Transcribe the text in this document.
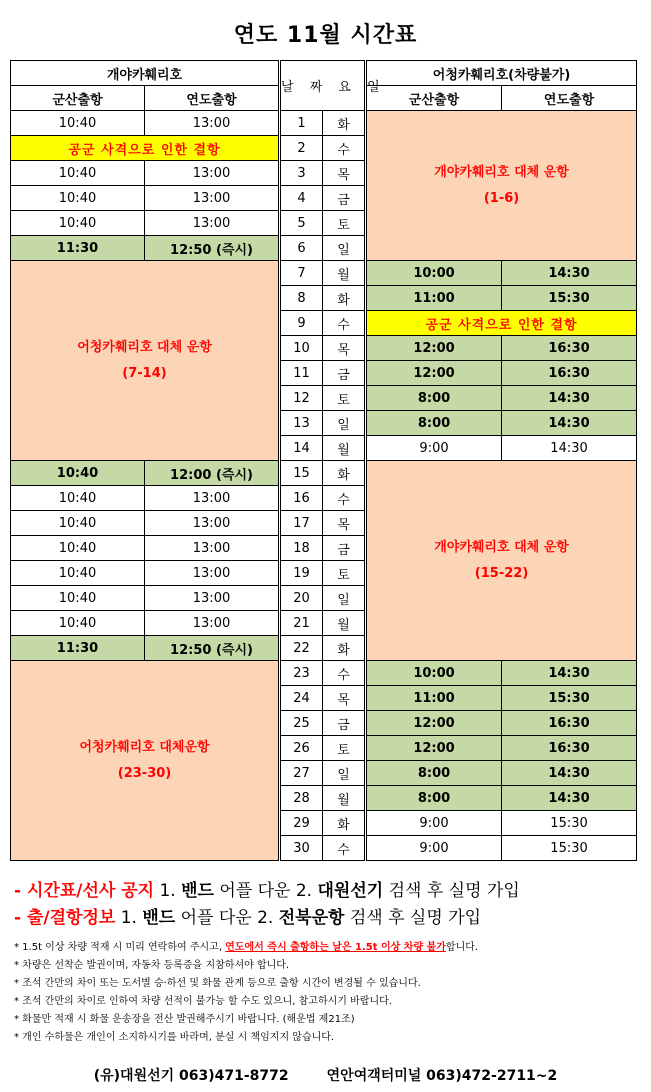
연도 11월 시간표
개야카훼리호			날 짜 요 일			어청카훼리호(차량불가)	
군산출항	연도출항					군산출항	연도출항
10:40	13:00		1	화		개야카훼리호 대체 운항
(1-6)	

공군 사격으로 인한 결항			2	수			
10:40	13:00		3	목			
10:40	13:00		4	금			
10:40	13:00		5	토			
11:30	12:50 (즉시)		6	일			

어청카훼리호 대체 운항
(7-14)			7	월		10:00	14:30
			8	화		11:00	15:30
			9	수		공군 사격으로 인한 결항	
			10	목		12:00	16:30
			11	금		12:00	16:30
			12	토		8:00	14:30
			13	일		8:00	14:30
			14	월		9:00	14:30
10:40	12:00 (즉시)		15	화		개야카훼리호 대체 운항
(15-22)	

10:40	13:00		16	수			
10:40	13:00		17	목			
10:40	13:00		18	금			
10:40	13:00		19	토			
10:40	13:00		20	일			
10:40	13:00		21	월			
11:30	12:50 (즉시)		22	화			

어청카훼리호 대체운항
(23-30)			23	수		10:00	14:30
			24	목		11:00	15:30
			25	금		12:00	16:30
			26	토		12:00	16:30
			27	일		8:00	14:30
			28	월		8:00	14:30
			29	화		9:00	15:30
			30	수		9:00	15:30
- 시간표/선사 공지 1. 밴드 어플 다운 2. 대원선기 검색 후 실명 가입
- 출/결항정보 1. 밴드 어플 다운 2. 전북운항 검색 후 실명 가입
* 1.5t 이상 차량 적재 시 미리 연락하여 주시고, 연도에서 즉시 출항하는 날은 1.5t 이상 차량 불가합니다.
* 차량은 선착순 발권이며, 자동차 등록증을 지참하셔야 합니다.
* 조석 간만의 차이 또는 도서별 승·하선 및 화물 관계 등으로 출항 시간이 변경될 수 있습니다.
* 조석 간만의 차이로 인하여 차량 선적이 불가능 할 수도 있으니, 참고하시기 바랍니다.
* 화물만 적재 시 화물 운송장을 전산 발권해주시기 바랍니다. (해운법 제21조)
* 개인 수하물은 개인이 소지하시기를 바라며, 분실 시 책임지지 않습니다.
(유)대원선기 063)471-8772	연안여객터미널 063)472-2711~2
